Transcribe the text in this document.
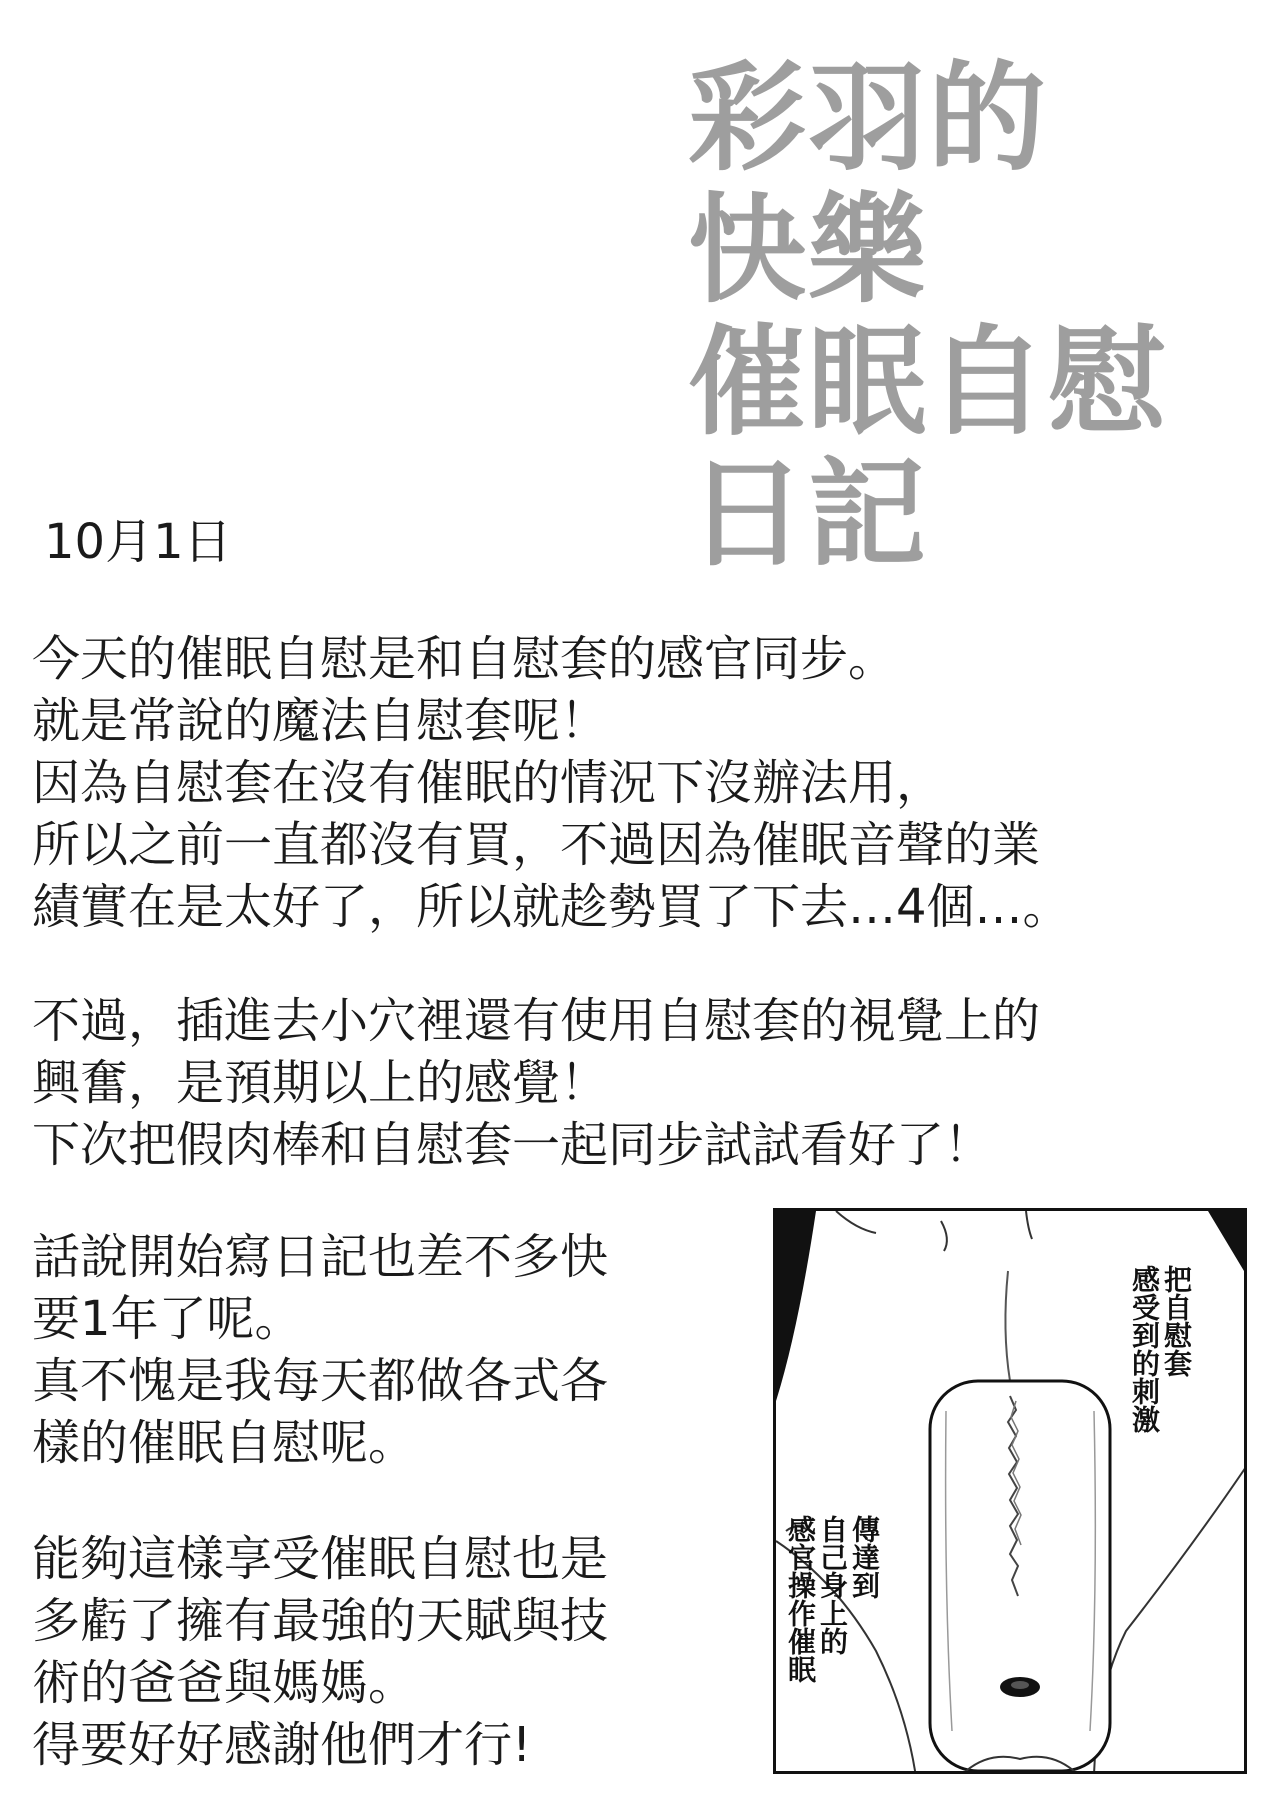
彩羽的
快樂
催眠自慰
日記
10月1日
今天的催眠自慰是和自慰套的感官同步。
就是常說的魔法自慰套呢！
因為自慰套在沒有催眠的情況下沒辦法用，
所以之前一直都沒有買，不過因為催眠音聲的業
績實在是太好了，所以就趁勢買了下去…4個…。
不過，插進去小穴裡還有使用自慰套的視覺上的
興奮，是預期以上的感覺！
下次把假肉棒和自慰套一起同步試試看好了！
話說開始寫日記也差不多快
要1年了呢。
真不愧是我每天都做各式各
樣的催眠自慰呢。
能夠這樣享受催眠自慰也是
多虧了擁有最強的天賦與技
術的爸爸與媽媽。
得要好好感謝他們才行!
把自慰套
感受到的刺激
傳達到
自己身上的
感官操作催眠
